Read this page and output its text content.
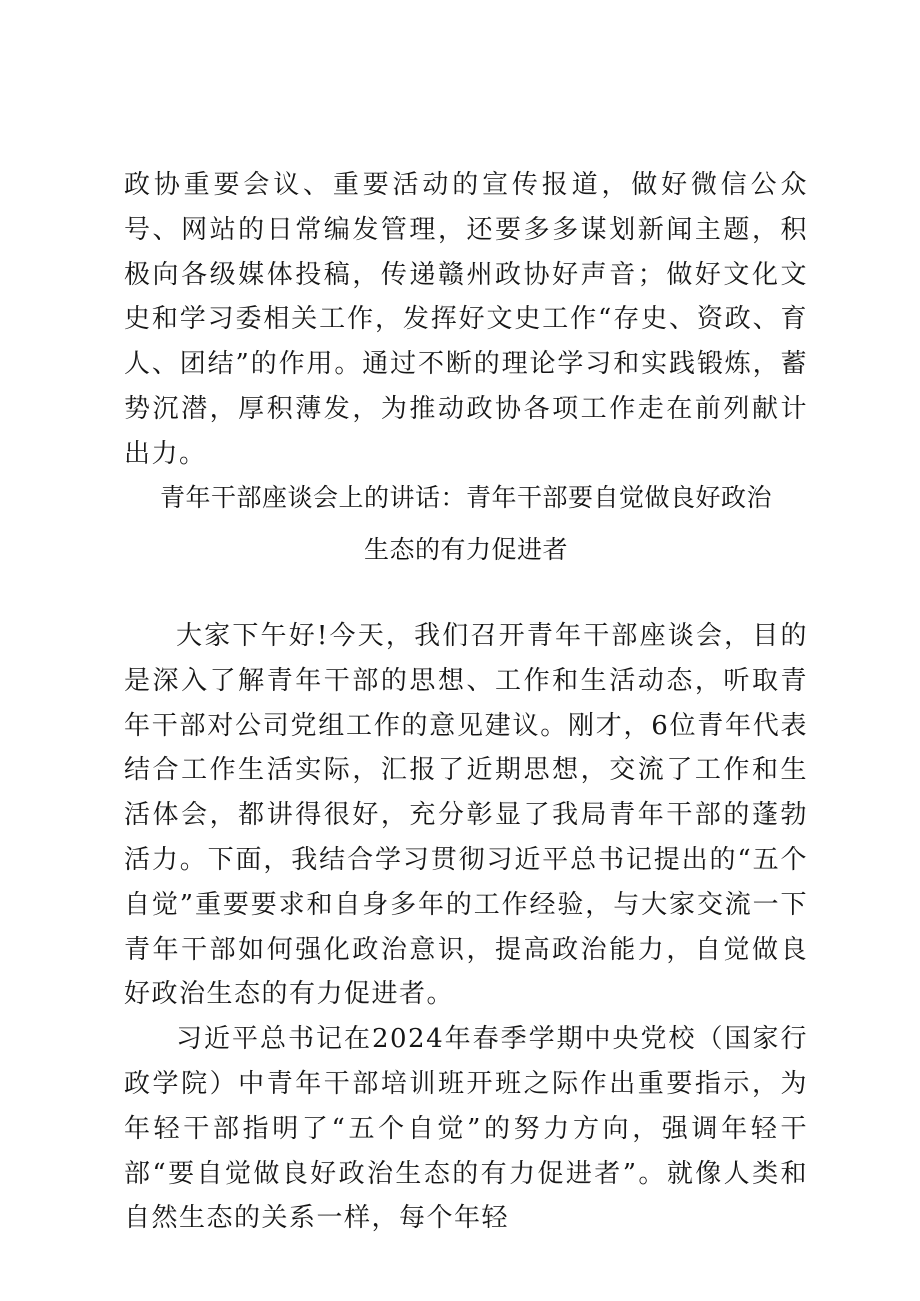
政协重要会议、重要活动的宣传报道，做好微信公众号、网站的日常编发管理，还要多多谋划新闻主题，积极向各级媒体投稿，传递赣州政协好声音；做好文化文史和学习委相关工作，发挥好文史工作“存史、资政、育人、团结”的作用。通过不断的理论学习和实践锻炼，蓄势沉潜，厚积薄发，为推动政协各项工作走在前列献计出力。

青年干部座谈会上的讲话：青年干部要自觉做良好政治
生态的有力促进者

大家下午好!今天，我们召开青年干部座谈会，目的是深入了解青年干部的思想、工作和生活动态，听取青年干部对公司党组工作的意见建议。刚才，6位青年代表结合工作生活实际，汇报了近期思想，交流了工作和生活体会，都讲得很好，充分彰显了我局青年干部的蓬勃活力。下面，我结合学习贯彻习近平总书记提出的“五个自觉”重要要求和自身多年的工作经验，与大家交流一下青年干部如何强化政治意识，提高政治能力，自觉做良好政治生态的有力促进者。

习近平总书记在2024年春季学期中央党校（国家行政学院）中青年干部培训班开班之际作出重要指示，为年轻干部指明了“五个自觉”的努力方向，强调年轻干部“要自觉做良好政治生态的有力促进者”。就像人类和自然生态的关系一样，每个年轻
